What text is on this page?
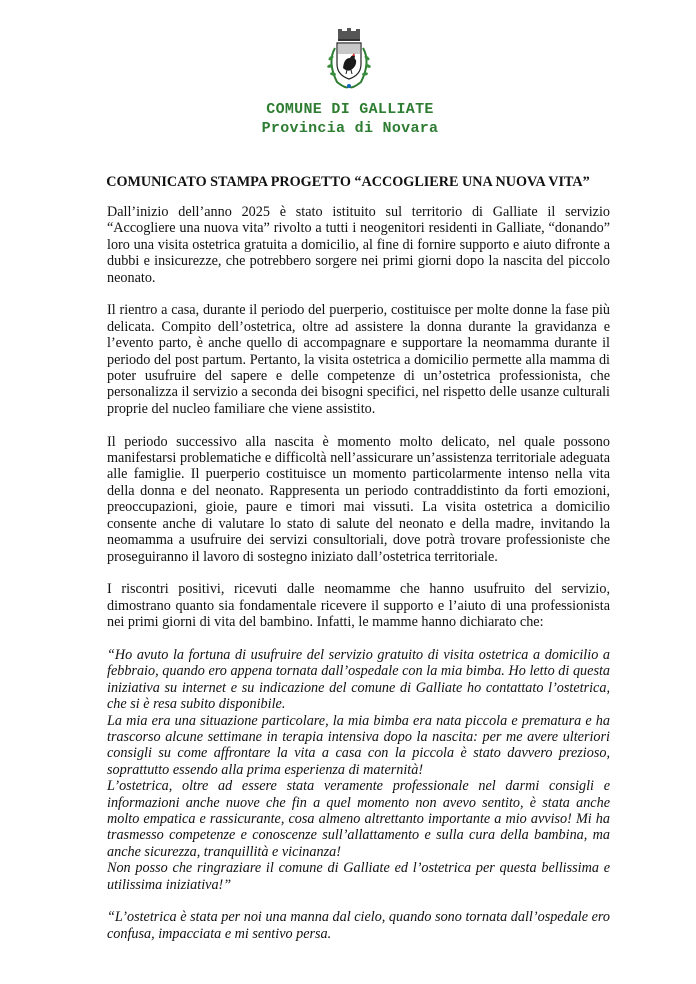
COMUNE DI GALLIATE
Provincia di Novara
COMUNICATO STAMPA PROGETTO “ACCOGLIERE UNA NUOVA VITA”

Dall’inizio dell’anno 2025 è stato istituito sul territorio di Galliate il servizio “Accogliere una nuova vita” rivolto a tutti i neogenitori residenti in Galliate, “donando” loro una visita ostetrica gratuita a domicilio, al fine di fornire supporto e aiuto difronte a dubbi e insicurezze, che potrebbero sorgere nei primi giorni dopo la nascita del piccolo neonato.

Il rientro a casa, durante il periodo del puerperio, costituisce per molte donne la fase più delicata. Compito dell’ostetrica, oltre ad assistere la donna durante la gravidanza e l’evento parto, è anche quello di accompagnare e supportare la neomamma durante il periodo del post partum. Pertanto, la visita ostetrica a domicilio permette alla mamma di poter usufruire del sapere e delle competenze di un’ostetrica professionista, che personalizza il servizio a seconda dei bisogni specifici, nel rispetto delle usanze culturali proprie del nucleo familiare che viene assistito.

Il periodo successivo alla nascita è momento molto delicato, nel quale possono manifestarsi problematiche e difficoltà nell’assicurare un’assistenza territoriale adeguata alle famiglie. Il puerperio costituisce un momento particolarmente intenso nella vita della donna e del neonato. Rappresenta un periodo contraddistinto da forti emozioni, preoccupazioni, gioie, paure e timori mai vissuti. La visita ostetrica a domicilio consente anche di valutare lo stato di salute del neonato e della madre, invitando la neomamma a usufruire dei servizi consultoriali, dove potrà trovare professioniste che proseguiranno il lavoro di sostegno iniziato dall’ostetrica territoriale.

I riscontri positivi, ricevuti dalle neomamme che hanno usufruito del servizio, dimostrano quanto sia fondamentale ricevere il supporto e l’aiuto di una professionista nei primi giorni di vita del bambino. Infatti, le mamme hanno dichiarato che:

“Ho avuto la fortuna di usufruire del servizio gratuito di visita ostetrica a domicilio a febbraio, quando ero appena tornata dall’ospedale con la mia bimba. Ho letto di questa iniziativa su internet e su indicazione del comune di Galliate ho contattato l’ostetrica, che si è resa subito disponibile.

La mia era una situazione particolare, la mia bimba era nata piccola e prematura e ha trascorso alcune settimane in terapia intensiva dopo la nascita: per me avere ulteriori consigli su come affrontare la vita a casa con la piccola è stato davvero prezioso, soprattutto essendo alla prima esperienza di maternità!

L’ostetrica, oltre ad essere stata veramente professionale nel darmi consigli e informazioni anche nuove che fin a quel momento non avevo sentito, è stata anche molto empatica e rassicurante, cosa almeno altrettanto importante a mio avviso! Mi ha trasmesso competenze e conoscenze sull’allattamento e sulla cura della bambina, ma anche sicurezza, tranquillità e vicinanza!

Non posso che ringraziare il comune di Galliate ed l’ostetrica per questa bellissima e utilissima iniziativa!”

“L’ostetrica è stata per noi una manna dal cielo, quando sono tornata dall’ospedale ero confusa, impacciata e mi sentivo persa.
